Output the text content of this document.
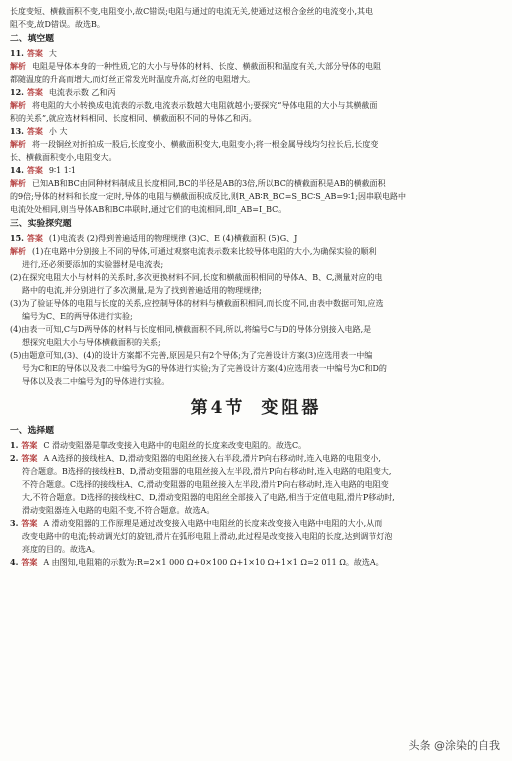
长度变短、横截面积不变,电阻变小,故C错误;电阻与通过的电流无关,使通过这根合金丝的电流变小,其电

阻不变,故D错误。故选B。

二、填空题

11. 答案 大

解析 电阻是导体本身的一种性质,它的大小与导体的材料、长度、横截面积和温度有关,大部分导体的电阻

都随温度的升高而增大,而灯丝正常发光时温度升高,灯丝的电阻增大。

12. 答案 电流表示数 乙和丙

解析 将电阻的大小转换成电流表的示数,电流表示数越大电阻就越小;要探究“导体电阻的大小与其横截面

积的关系”,就应选材料相同、长度相同、横截面积不同的导体乙和丙。

13. 答案 小 大

解析 将一段铜丝对折拍成一股后,长度变小、横截面积变大,电阻变小;将一根金属导线均匀拉长后,长度变

长、横截面积变小,电阻变大。

14. 答案 9∶1 1∶1

解析 已知AB和BC由同种材料制成且长度相同,BC的半径是AB的3倍,所以BC的横截面积是AB的横截面积

的9倍;导体的材料和长度一定时,导体的电阻与横截面积成反比,则R_AB∶R_BC=S_BC∶S_AB=9∶1;因串联电路中

电流处处相同,则当导体AB和BC串联时,通过它们的电流相同,即I_AB=I_BC。

三、实验探究题

15. 答案 (1)电流表 (2)得到普遍适用的物理规律 (3)C、E (4)横截面积 (5)G、J

解析 (1)在电路中分别接上不同的导体,可通过观察电流表示数来比较导体电阻的大小,为确保实验的顺利

进行,还必须要添加的实验器材是电流表;

(2)在探究电阻大小与材料的关系时,多次更换材料不同,长度和横截面积相同的导体A、B、C,测量对应的电

路中的电流,并分别进行了多次测量,是为了找到普遍适用的物理规律;

(3)为了验证导体的电阻与长度的关系,应控制导体的材料与横截面积相同,而长度不同,由表中数据可知,应选

编号为C、E的两导体进行实验;

(4)由表一可知,C与D两导体的材料与长度相同,横截面积不同,所以,将编号C与D的导体分别接入电路,是

想探究电阻大小与导体横截面积的关系;

(5)由题意可知,(3)、(4)的设计方案都不完善,原因是只有2个导体;为了完善设计方案(3)应选用表一中编

号为C和E的导体以及表二中编号为G的导体进行实验;为了完善设计方案(4)应选用表一中编号为C和D的

导体以及表二中编号为J的导体进行实验。

第4节 变阻器

一、选择题

1. 答案 C 滑动变阻器是靠改变接入电路中的电阻丝的长度来改变电阻的。故选C。

2. 答案 A A选择的接线柱A、D,滑动变阻器的电阻丝接入右半段,滑片P向右移动时,连入电路的电阻变小,

符合题意。B选择的接线柱B、D,滑动变阻器的电阻丝接入左半段,滑片P向右移动时,连入电路的电阻变大,

不符合题意。C选择的接线柱A、C,滑动变阻器的电阻丝接入左半段,滑片P向右移动时,连入电路的电阻变

大,不符合题意。D选择的接线柱C、D,滑动变阻器的电阻丝全部接入了电路,相当于定值电阻,滑片P移动时,

滑动变阻器连入电路的电阻不变,不符合题意。故选A。

3. 答案 A 滑动变阻器的工作原理是通过改变接入电路中电阻丝的长度来改变接入电路中电阻的大小,从而

改变电路中的电流;转动调光灯的旋钮,滑片在弧形电阻上滑动,此过程是改变接入电阻的长度,达到调节灯泡

亮度的目的。故选A。

4. 答案 A 由图知,电阻箱的示数为:R=2×1 000 Ω+0×100 Ω+1×10 Ω+1×1 Ω=2 011 Ω。故选A。

头条 @涂染的自我
